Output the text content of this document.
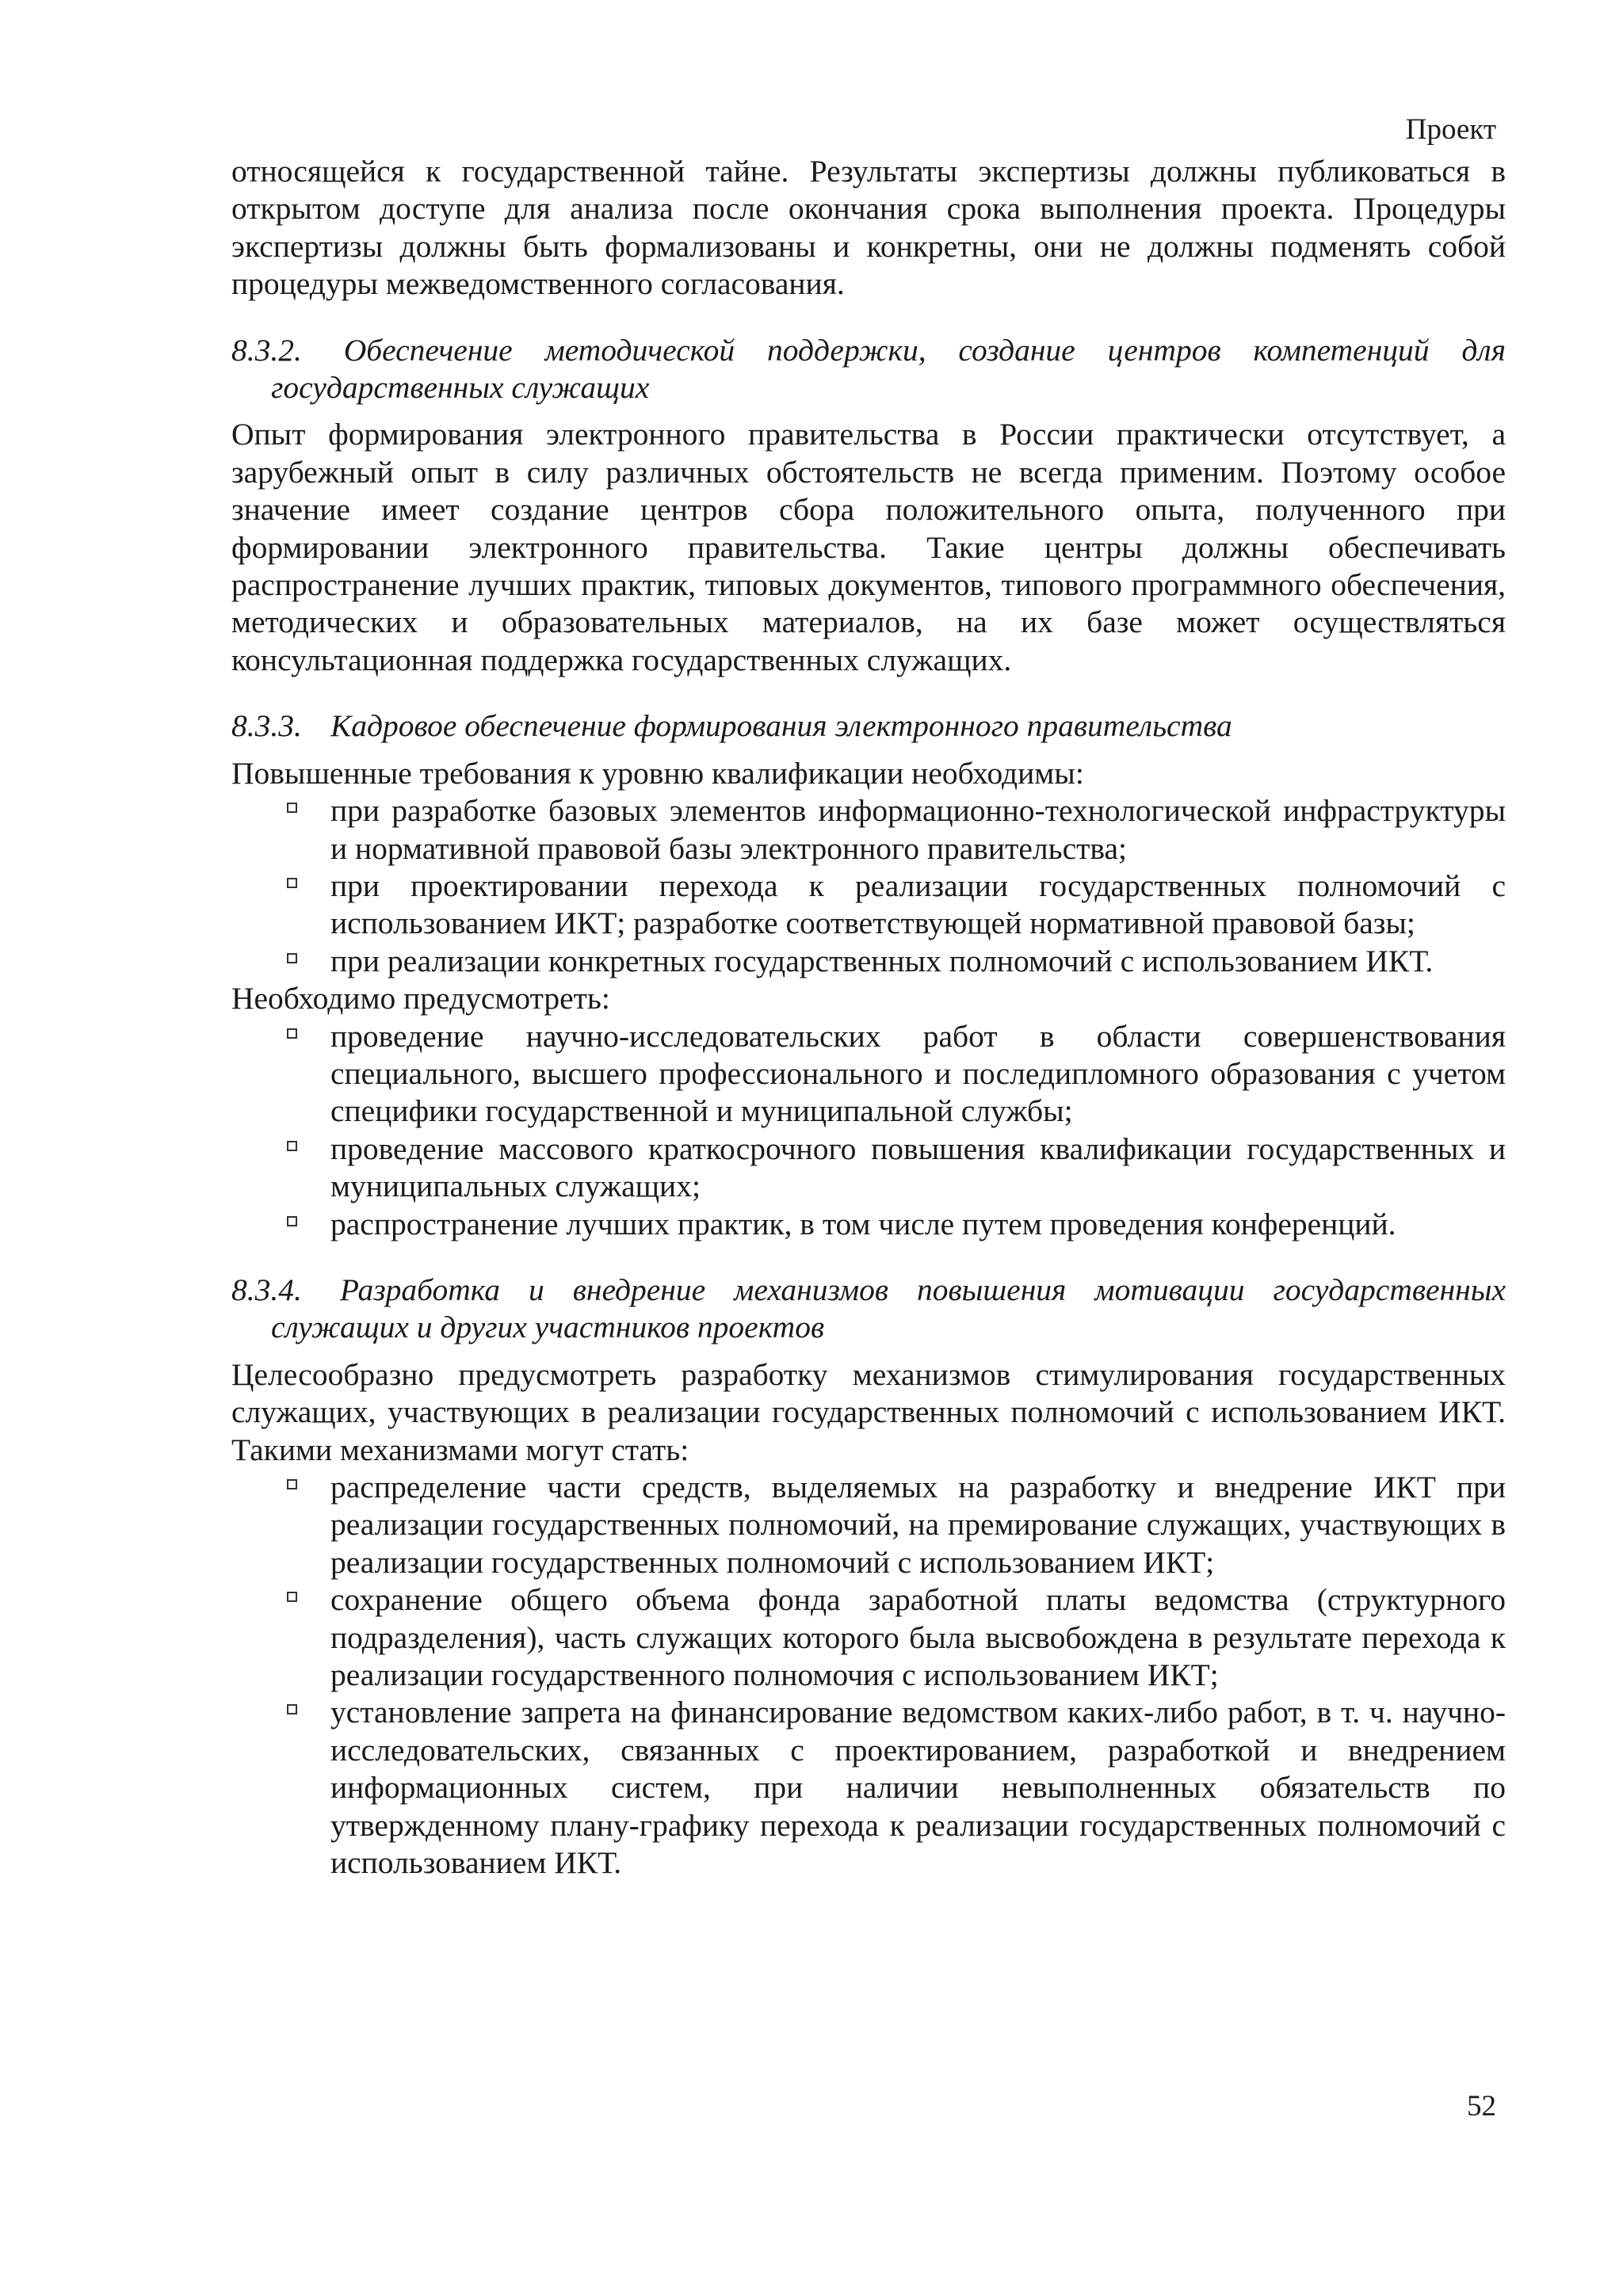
Проект

относящейся к государственной тайне. Результаты экспертизы должны публиковаться в открытом доступе для анализа после окончания срока выполнения проекта. Процедуры экспертизы должны быть формализованы и конкретны, они не должны подменять собой процедуры межведомственного согласования.

8.3.2. Обеспечение методической поддержки, создание центров компетенций для государственных служащих

Опыт формирования электронного правительства в России практически отсутствует, а зарубежный опыт в силу различных обстоятельств не всегда применим. Поэтому особое значение имеет создание центров сбора положительного опыта, полученного при формировании электронного правительства. Такие центры должны обеспечивать распространение лучших практик, типовых документов, типового программного обеспечения, методических и образовательных материалов, на их базе может осуществляться консультационная поддержка государственных служащих.

8.3.3. Кадровое обеспечение формирования электронного правительства

Повышенные требования к уровню квалификации необходимы:

при разработке базовых элементов информационно-технологической инфраструктуры и нормативной правовой базы электронного правительства;
при проектировании перехода к реализации государственных полномочий с использованием ИКТ; разработке соответствующей нормативной правовой базы;
при реализации конкретных государственных полномочий с использованием ИКТ.

Необходимо предусмотреть:

проведение научно-исследовательских работ в области совершенствования специального, высшего профессионального и последипломного образования с учетом специфики государственной и муниципальной службы;
проведение массового краткосрочного повышения квалификации государственных и муниципальных служащих;
распространение лучших практик, в том числе путем проведения конференций.
8.3.4. Разработка и внедрение механизмов повышения мотивации государственных служащих и других участников проектов

Целесообразно предусмотреть разработку механизмов стимулирования государственных служащих, участвующих в реализации государственных полномочий с использованием ИКТ. Такими механизмами могут стать:

распределение части средств, выделяемых на разработку и внедрение ИКТ при реализации государственных полномочий, на премирование служащих, участвующих в реализации государственных полномочий с использованием ИКТ;
сохранение общего объема фонда заработной платы ведомства (структурного подразделения), часть служащих которого была высвобождена в результате перехода к реализации государственного полномочия с использованием ИКТ;
установление запрета на финансирование ведомством каких-либо работ, в т. ч. научно-исследовательских, связанных с проектированием, разработкой и внедрением информационных систем, при наличии невыполненных обязательств по утвержденному плану-графику перехода к реализации государственных полномочий с использованием ИКТ.
52
